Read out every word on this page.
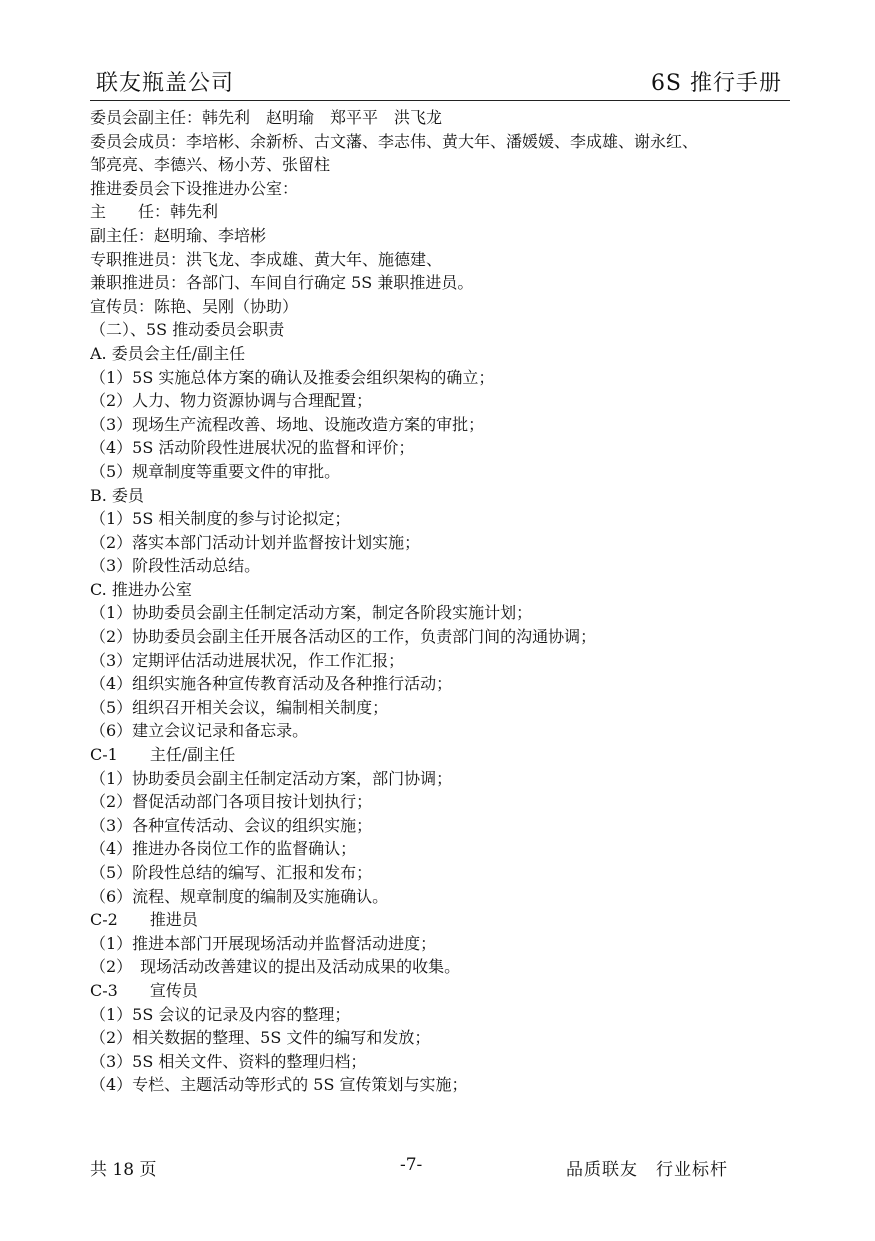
联友瓶盖公司	6S 推行手册
委员会副主任：韩先利　赵明瑜　郑平平　洪飞龙
委员会成员：李培彬、余新桥、古文藩、李志伟、黄大年、潘媛媛、李成雄、谢永红、
邹亮亮、李德兴、杨小芳、张留柱
推进委员会下设推进办公室：
主　　任：韩先利
副主任：赵明瑜、李培彬
专职推进员：洪飞龙、李成雄、黄大年、施德建、
兼职推进员：各部门、车间自行确定 5S 兼职推进员。
宣传员：陈艳、吴刚（协助）
（二）、5S 推动委员会职责
A. 委员会主任/副主任
（1）5S 实施总体方案的确认及推委会组织架构的确立；
（2）人力、物力资源协调与合理配置；
（3）现场生产流程改善、场地、设施改造方案的审批；
（4）5S 活动阶段性进展状况的监督和评价；
（5）规章制度等重要文件的审批。
B. 委员
（1）5S 相关制度的参与讨论拟定；
（2）落实本部门活动计划并监督按计划实施；
（3）阶段性活动总结。
C. 推进办公室
（1）协助委员会副主任制定活动方案，制定各阶段实施计划；
（2）协助委员会副主任开展各活动区的工作，负责部门间的沟通协调；
（3）定期评估活动进展状况，作工作汇报；
（4）组织实施各种宣传教育活动及各种推行活动；
（5）组织召开相关会议，编制相关制度；
（6）建立会议记录和备忘录。
C-1　　主任/副主任
（1）协助委员会副主任制定活动方案，部门协调；
（2）督促活动部门各项目按计划执行；
（3）各种宣传活动、会议的组织实施；
（4）推进办各岗位工作的监督确认；
（5）阶段性总结的编写、汇报和发布；
（6）流程、规章制度的编制及实施确认。
C-2　　推进员
（1）推进本部门开展现场活动并监督活动进度；
（2）　现场活动改善建议的提出及活动成果的收集。
C-3　　宣传员
（1）5S 会议的记录及内容的整理；
（2）相关数据的整理、5S 文件的编写和发放；
（3）5S 相关文件、资料的整理归档；
（4）专栏、主题活动等形式的 5S 宣传策划与实施；
共 18 页	-7-	品质联友　行业标杆
